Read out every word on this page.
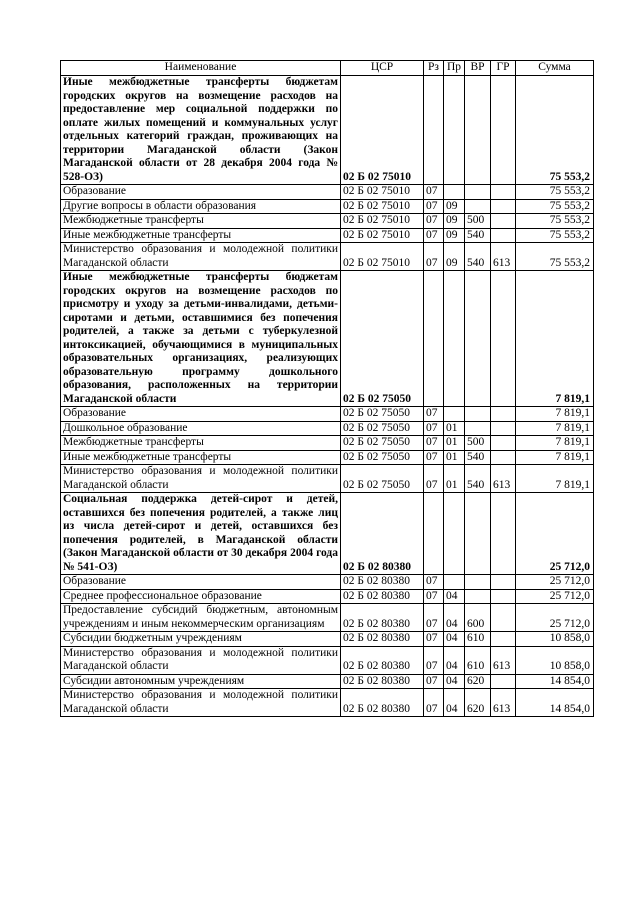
Наименование	ЦСР	Рз	Пр	ВР	ГР	Сумма
Иные межбюджетные трансферты бюджетам городских округов на возмещение расходов на предоставление мер социальной поддержки по оплате жилых помещений и коммунальных услуг отдельных категорий граждан, проживающих на территории Магаданской области (Закон Магаданской области от 28 декабря 2004 года № 528-ОЗ)	02 Б 02 75010					75 553,2
Образование	02 Б 02 75010	07				75 553,2
Другие вопросы в области образования	02 Б 02 75010	07	09			75 553,2
Межбюджетные трансферты	02 Б 02 75010	07	09	500		75 553,2
Иные межбюджетные трансферты	02 Б 02 75010	07	09	540		75 553,2
Министерство образования и молодежной политики Магаданской области	02 Б 02 75010	07	09	540	613	75 553,2
Иные межбюджетные трансферты бюджетам городских округов на возмещение расходов по присмотру и уходу за детьми-инвалидами, детьми-сиротами и детьми, оставшимися без попечения родителей, а также за детьми с туберкулезной интоксикацией, обучающимися в муниципальных образовательных организациях, реализующих образовательную программу дошкольного образования, расположенных на территории Магаданской области	02 Б 02 75050					7 819,1
Образование	02 Б 02 75050	07				7 819,1
Дошкольное образование	02 Б 02 75050	07	01			7 819,1
Межбюджетные трансферты	02 Б 02 75050	07	01	500		7 819,1
Иные межбюджетные трансферты	02 Б 02 75050	07	01	540		7 819,1
Министерство образования и молодежной политики Магаданской области	02 Б 02 75050	07	01	540	613	7 819,1
Социальная поддержка детей-сирот и детей, оставшихся без попечения родителей, а также лиц из числа детей-сирот и детей, оставшихся без попечения родителей, в Магаданской области (Закон Магаданской области от 30 декабря 2004 года № 541-ОЗ)	02 Б 02 80380					25 712,0
Образование	02 Б 02 80380	07				25 712,0
Среднее профессиональное образование	02 Б 02 80380	07	04			25 712,0
Предоставление субсидий бюджетным, автономным учреждениям и иным некоммерческим организациям	02 Б 02 80380	07	04	600		25 712,0
Субсидии бюджетным учреждениям	02 Б 02 80380	07	04	610		10 858,0
Министерство образования и молодежной политики Магаданской области	02 Б 02 80380	07	04	610	613	10 858,0
Субсидии автономным учреждениям	02 Б 02 80380	07	04	620		14 854,0
Министерство образования и молодежной политики Магаданской области	02 Б 02 80380	07	04	620	613	14 854,0
